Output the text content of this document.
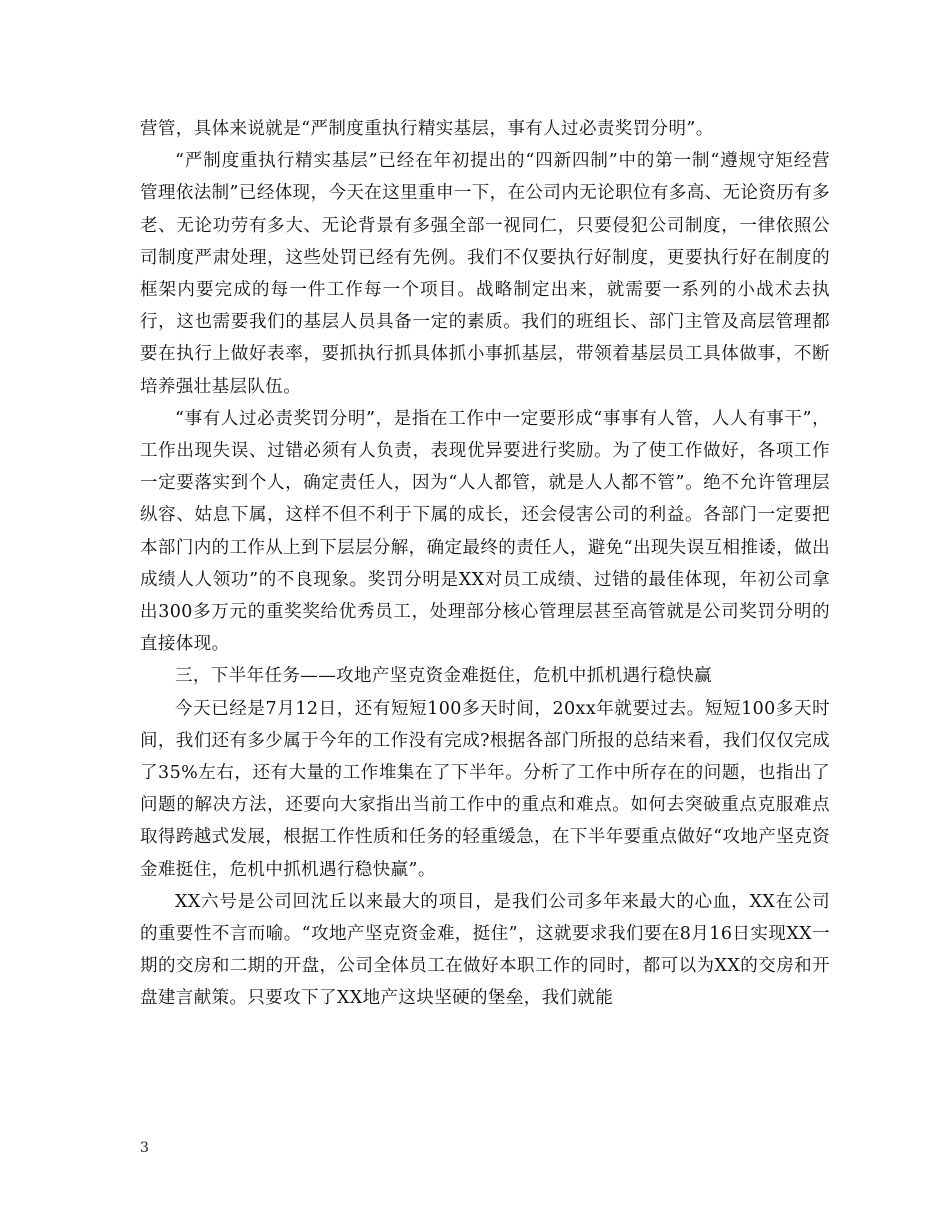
营管，具体来说就是“严制度重执行精实基层，事有人过必责奖罚分明”。

“严制度重执行精实基层”已经在年初提出的“四新四制”中的第一制“遵规守矩经营管理依法制”已经体现，今天在这里重申一下，在公司内无论职位有多高、无论资历有多老、无论功劳有多大、无论背景有多强全部一视同仁，只要侵犯公司制度，一律依照公司制度严肃处理，这些处罚已经有先例。我们不仅要执行好制度，更要执行好在制度的框架内要完成的每一件工作每一个项目。战略制定出来，就需要一系列的小战术去执行，这也需要我们的基层人员具备一定的素质。我们的班组长、部门主管及高层管理都要在执行上做好表率，要抓执行抓具体抓小事抓基层，带领着基层员工具体做事，不断培养强壮基层队伍。

“事有人过必责奖罚分明”，是指在工作中一定要形成“事事有人管，人人有事干”，工作出现失误、过错必须有人负责，表现优异要进行奖励。为了使工作做好，各项工作一定要落实到个人，确定责任人，因为“人人都管，就是人人都不管”。绝不允许管理层纵容、姑息下属，这样不但不利于下属的成长，还会侵害公司的利益。各部门一定要把本部门内的工作从上到下层层分解，确定最终的责任人，避免“出现失误互相推诿，做出成绩人人领功”的不良现象。奖罚分明是XX对员工成绩、过错的最佳体现，年初公司拿出300多万元的重奖奖给优秀员工，处理部分核心管理层甚至高管就是公司奖罚分明的直接体现。

三，下半年任务——攻地产坚克资金难挺住，危机中抓机遇行稳快赢

今天已经是7月12日，还有短短100多天时间，20xx年就要过去。短短100多天时间，我们还有多少属于今年的工作没有完成?根据各部门所报的总结来看，我们仅仅完成了35%左右，还有大量的工作堆集在了下半年。分析了工作中所存在的问题，也指出了问题的解决方法，还要向大家指出当前工作中的重点和难点。如何去突破重点克服难点取得跨越式发展，根据工作性质和任务的轻重缓急，在下半年要重点做好“攻地产坚克资金难挺住，危机中抓机遇行稳快赢”。

XX六号是公司回沈丘以来最大的项目，是我们公司多年来最大的心血，XX在公司的重要性不言而喻。“攻地产坚克资金难，挺住”，这就要求我们要在8月16日实现XX一期的交房和二期的开盘，公司全体员工在做好本职工作的同时，都可以为XX的交房和开盘建言献策。只要攻下了XX地产这块坚硬的堡垒，我们就能

3
